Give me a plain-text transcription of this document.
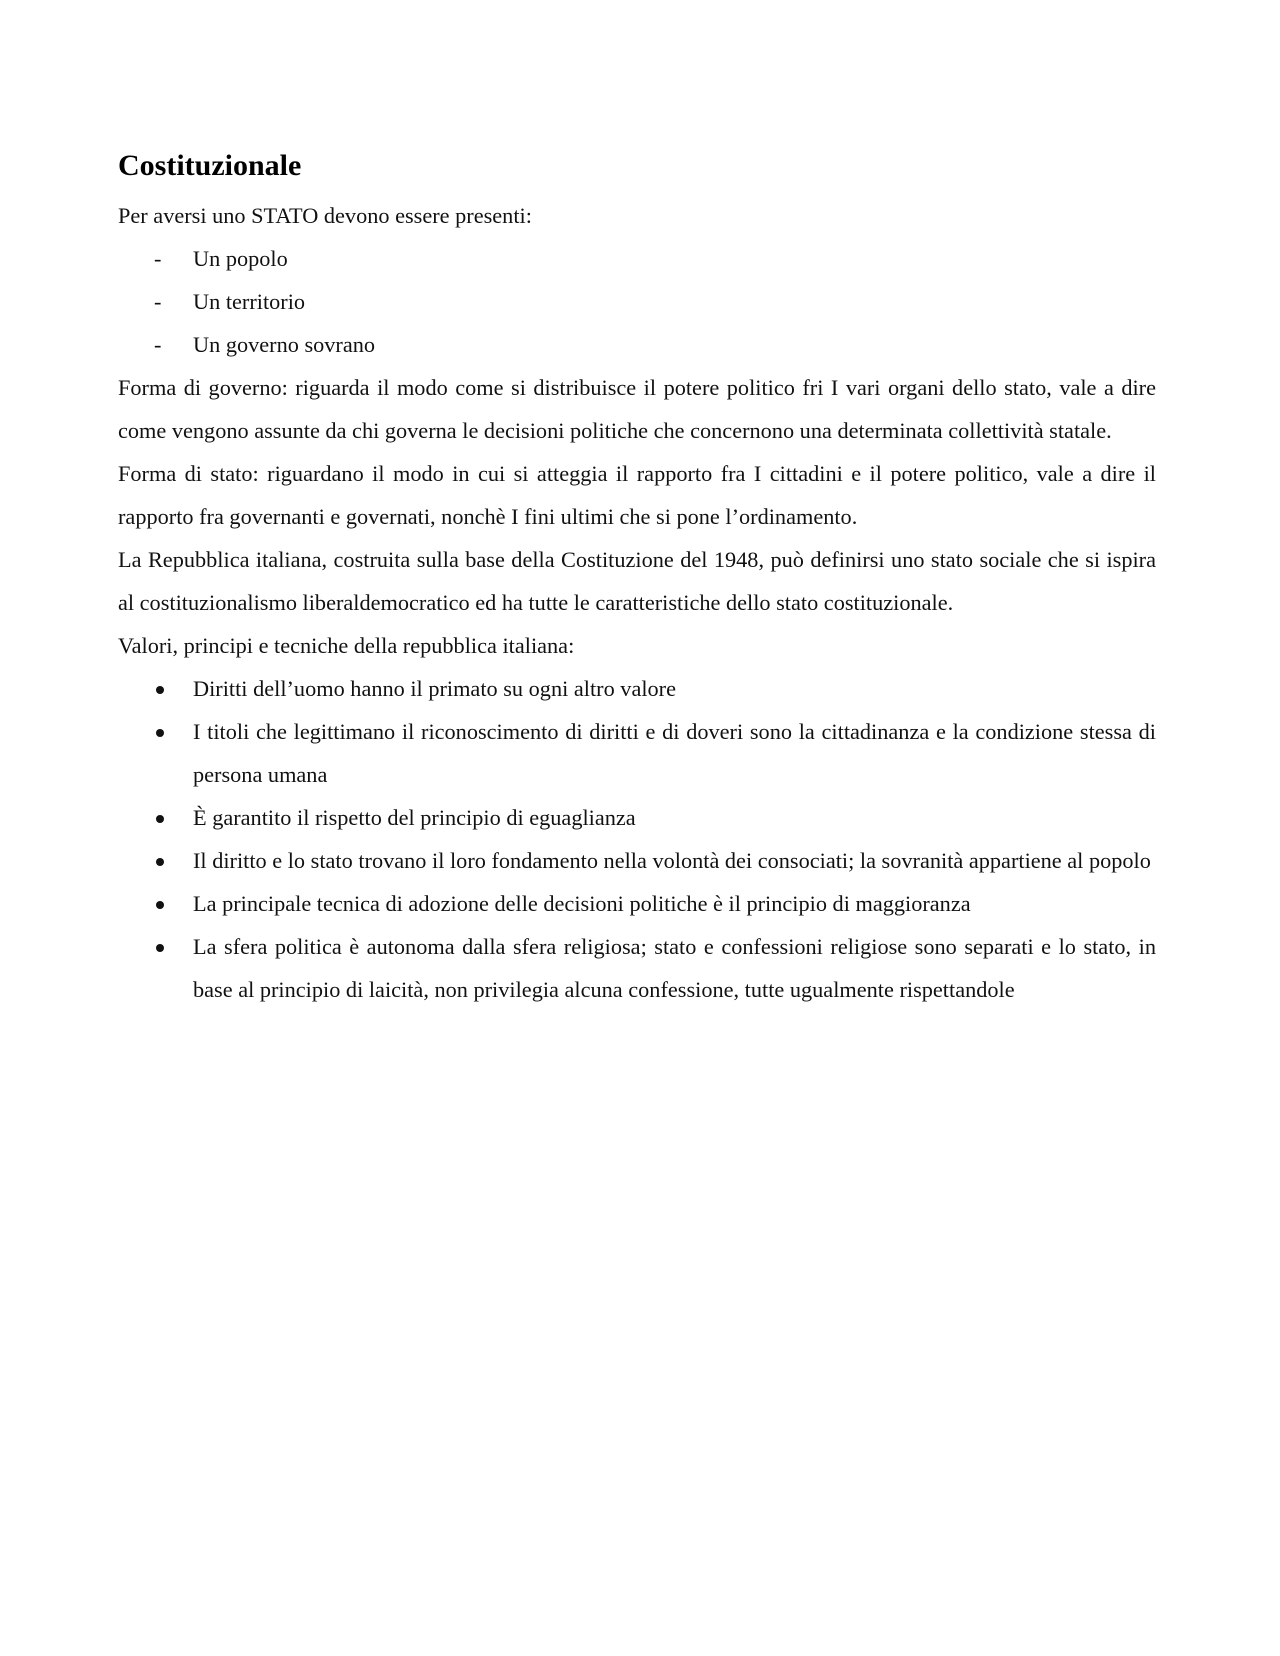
Costituzionale

Per aversi uno STATO devono essere presenti:

-	Un popolo
-	Un territorio
-	Un governo sovrano

Forma di governo: riguarda il modo come si distribuisce il potere politico fri I vari organi dello stato, vale a dire come vengono assunte da chi governa le decisioni politiche che concernono una determinata collettività statale.

Forma di stato: riguardano il modo in cui si atteggia il rapporto fra I cittadini e il potere politico, vale a dire il rapporto fra governanti e governati, nonchè I fini ultimi che si pone l’ordinamento.

La Repubblica italiana, costruita sulla base della Costituzione del 1948, può definirsi uno stato sociale che si ispira al costituzionalismo liberaldemocratico ed ha tutte le caratteristiche dello stato costituzionale.

Valori, principi e tecniche della repubblica italiana:

Diritti dell’uomo hanno il primato su ogni altro valore
I titoli che legittimano il riconoscimento di diritti e di doveri sono la cittadinanza e la condizione stessa di persona umana
È garantito il rispetto del principio di eguaglianza
Il diritto e lo stato trovano il loro fondamento nella volontà dei consociati; la sovranità appartiene al popolo
La principale tecnica di adozione delle decisioni politiche è il principio di maggioranza
La sfera politica è autonoma dalla sfera religiosa; stato e confessioni religiose sono separati e lo stato, in base al principio di laicità, non privilegia alcuna confessione, tutte ugualmente rispettandole
